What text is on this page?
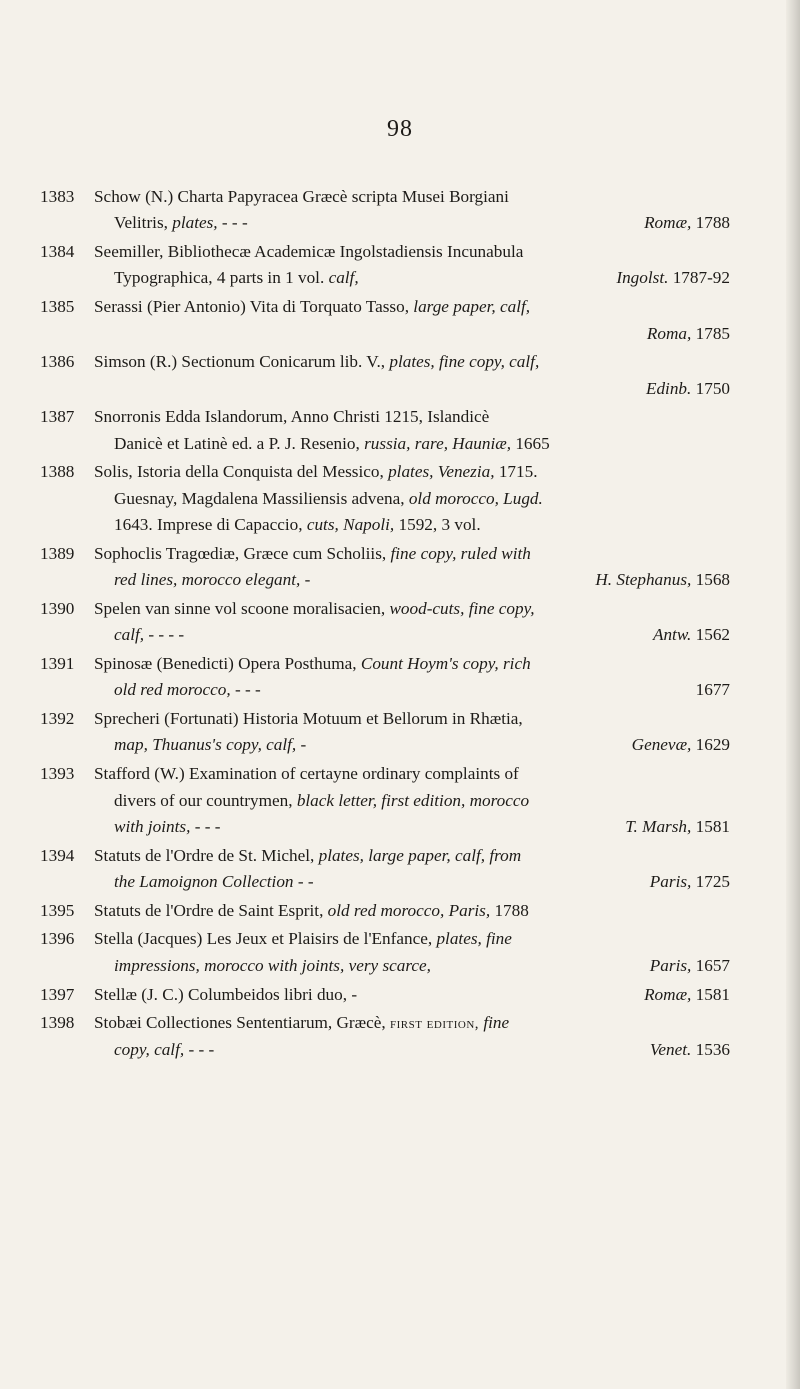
98
1383	Schow (N.) Charta Papyracea Græcè scripta Musei Borgiani
Velitris, plates, - - -	Romæ, 1788
1384	Seemiller, Bibliothecæ Academicæ Ingolstadiensis Incunabula
Typographica, 4 parts in 1 vol. calf,	Ingolst. 1787-92
1385	Serassi (Pier Antonio) Vita di Torquato Tasso, large paper, calf,
Roma, 1785
1386	Simson (R.) Sectionum Conicarum lib. V., plates, fine copy, calf,
Edinb. 1750
1387	Snorronis Edda Islandorum, Anno Christi 1215, Islandicè
Danicè et Latinè ed. a P. J. Resenio, russia, rare, Hauniæ, 1665
1388	Solis, Istoria della Conquista del Messico, plates, Venezia, 1715.
Guesnay, Magdalena Massiliensis advena, old morocco, Lugd.
1643. Imprese di Capaccio, cuts, Napoli, 1592, 3 vol.
1389	Sophoclis Tragœdiæ, Græce cum Scholiis, fine copy, ruled with
red lines, morocco elegant, -	H. Stephanus, 1568
1390	Spelen van sinne vol scoone moralisacien, wood-cuts, fine copy,
calf, - - - -	Antw. 1562
1391	Spinosæ (Benedicti) Opera Posthuma, Count Hoym's copy, rich
old red morocco, - - -	1677
1392	Sprecheri (Fortunati) Historia Motuum et Bellorum in Rhætia,
map, Thuanus's copy, calf, -	Genevæ, 1629
1393	Stafford (W.) Examination of certayne ordinary complaints of
divers of our countrymen, black letter, first edition, morocco
with joints, - - -	T. Marsh, 1581
1394	Statuts de l'Ordre de St. Michel, plates, large paper, calf, from
the Lamoignon Collection - -	Paris, 1725
1395	Statuts de l'Ordre de Saint Esprit, old red morocco, Paris, 1788
1396	Stella (Jacques) Les Jeux et Plaisirs de l'Enfance, plates, fine
impressions, morocco with joints, very scarce,	Paris, 1657
1397	Stellæ (J. C.) Columbeidos libri duo, -	Romæ, 1581
1398	Stobæi Collectiones Sententiarum, Græcè, first edition, fine
copy, calf, - - -	Venet. 1536
